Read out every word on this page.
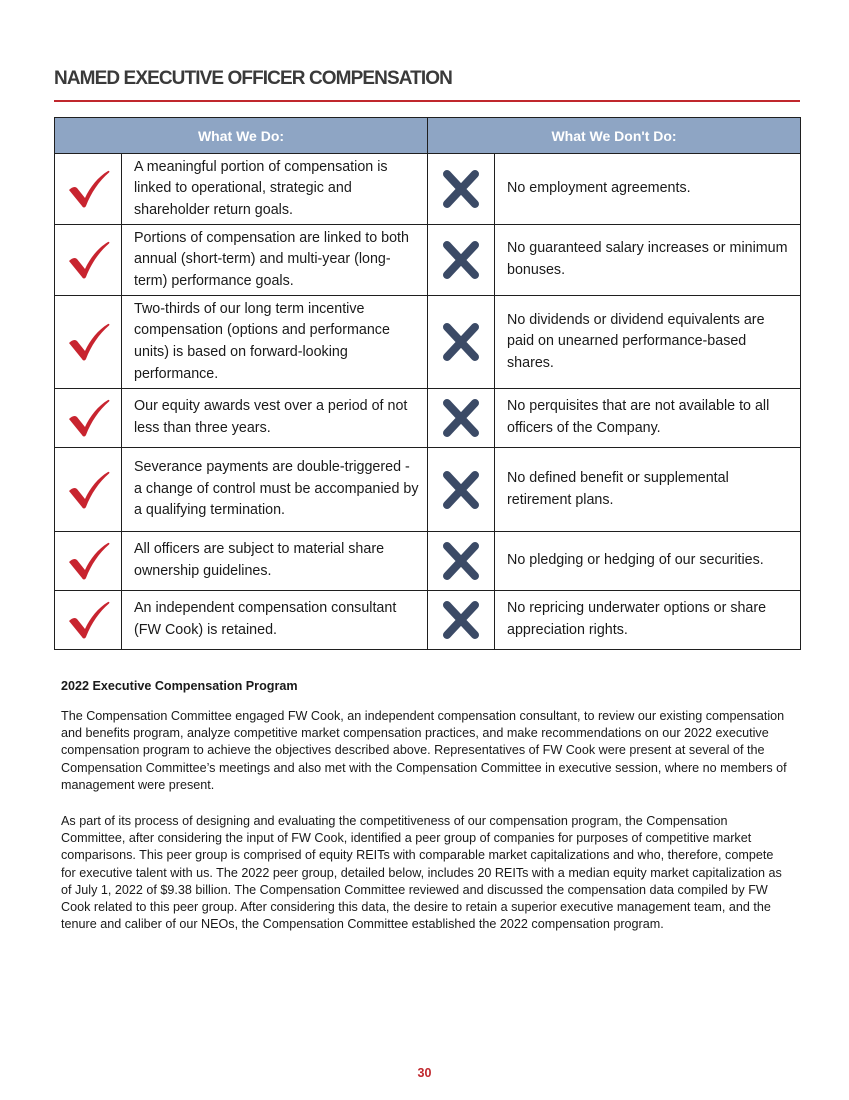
NAMED EXECUTIVE OFFICER COMPENSATION
What We Do:		What We Don't Do:	

	A meaningful portion of compensation is linked to operational, strategic and shareholder return goals.		No employment agreements.

	Portions of compensation are linked to both annual (short-term) and multi-year (long-term) performance goals.		No guaranteed salary increases or minimum bonuses.

	Two-thirds of our long term incentive compensation (options and performance units) is based on forward-looking performance.		No dividends or dividend equivalents are paid on unearned performance-based shares.

	Our equity awards vest over a period of not less than three years.		No perquisites that are not available to all officers of the Company.

	Severance payments are double-triggered - a change of control must be accompanied by a qualifying termination.		No defined benefit or supplemental retirement plans.

	All officers are subject to material share ownership guidelines.		No pledging or hedging of our securities.

	An independent compensation consultant (FW Cook) is retained.		No repricing underwater options or share appreciation rights.
2022 Executive Compensation Program

The Compensation Committee engaged FW Cook, an independent compensation consultant, to review our existing compensation and benefits program, analyze competitive market compensation practices, and make recommendations on our 2022 executive compensation program to achieve the objectives described above. Representatives of FW Cook were present at several of the Compensation Committee’s meetings and also met with the Compensation Committee in executive session, where no members of management were present.

As part of its process of designing and evaluating the competitiveness of our compensation program, the Compensation Committee, after considering the input of FW Cook, identified a peer group of companies for purposes of competitive market comparisons. This peer group is comprised of equity REITs with comparable market capitalizations and who, therefore, compete for executive talent with us. The 2022 peer group, detailed below, includes 20 REITs with a median equity market capitalization as of July 1, 2022 of $9.38 billion. The Compensation Committee reviewed and discussed the compensation data compiled by FW Cook related to this peer group. After considering this data, the desire to retain a superior executive management team, and the tenure and caliber of our NEOs, the Compensation Committee established the 2022 compensation program.

30
